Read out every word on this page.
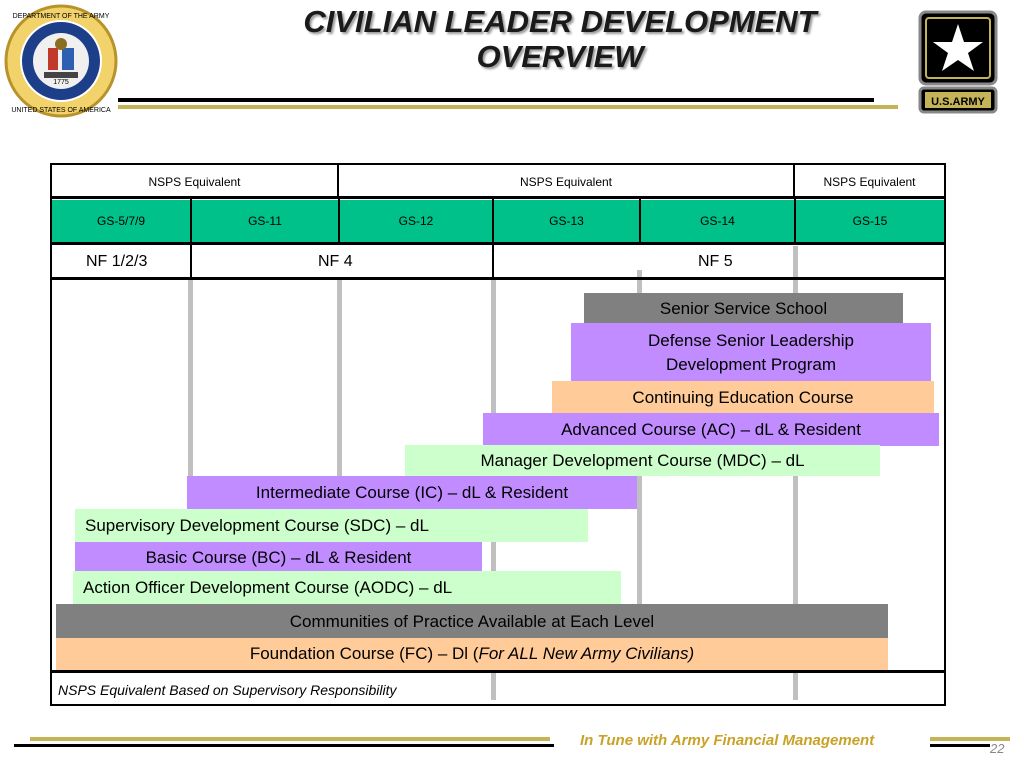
1775
DEPARTMENT OF THE ARMY
UNITED STATES OF AMERICA
U.S.ARMY
CIVILIAN LEADER DEVELOPMENT
OVERVIEW
NSPS Equivalent	NSPS Equivalent	NSPS Equivalent
GS-5/7/9	GS-11	GS-12	GS-13	GS-14	GS-15
NF 1/2/3	NF 4	NF 5
Senior Service School
Defense Senior Leadership
Development Program
Continuing Education Course
Advanced Course (AC) – dL & Resident
Manager Development Course (MDC) – dL
Intermediate Course (IC) – dL & Resident
Supervisory Development Course (SDC) – dL
Basic Course (BC) – dL & Resident
Action Officer Development Course (AODC) – dL
Communities of Practice Available at Each Level
Foundation Course (FC) – Dl (For ALL New Army Civilians)
NSPS Equivalent Based on Supervisory Responsibility
In Tune with Army Financial Management	22
